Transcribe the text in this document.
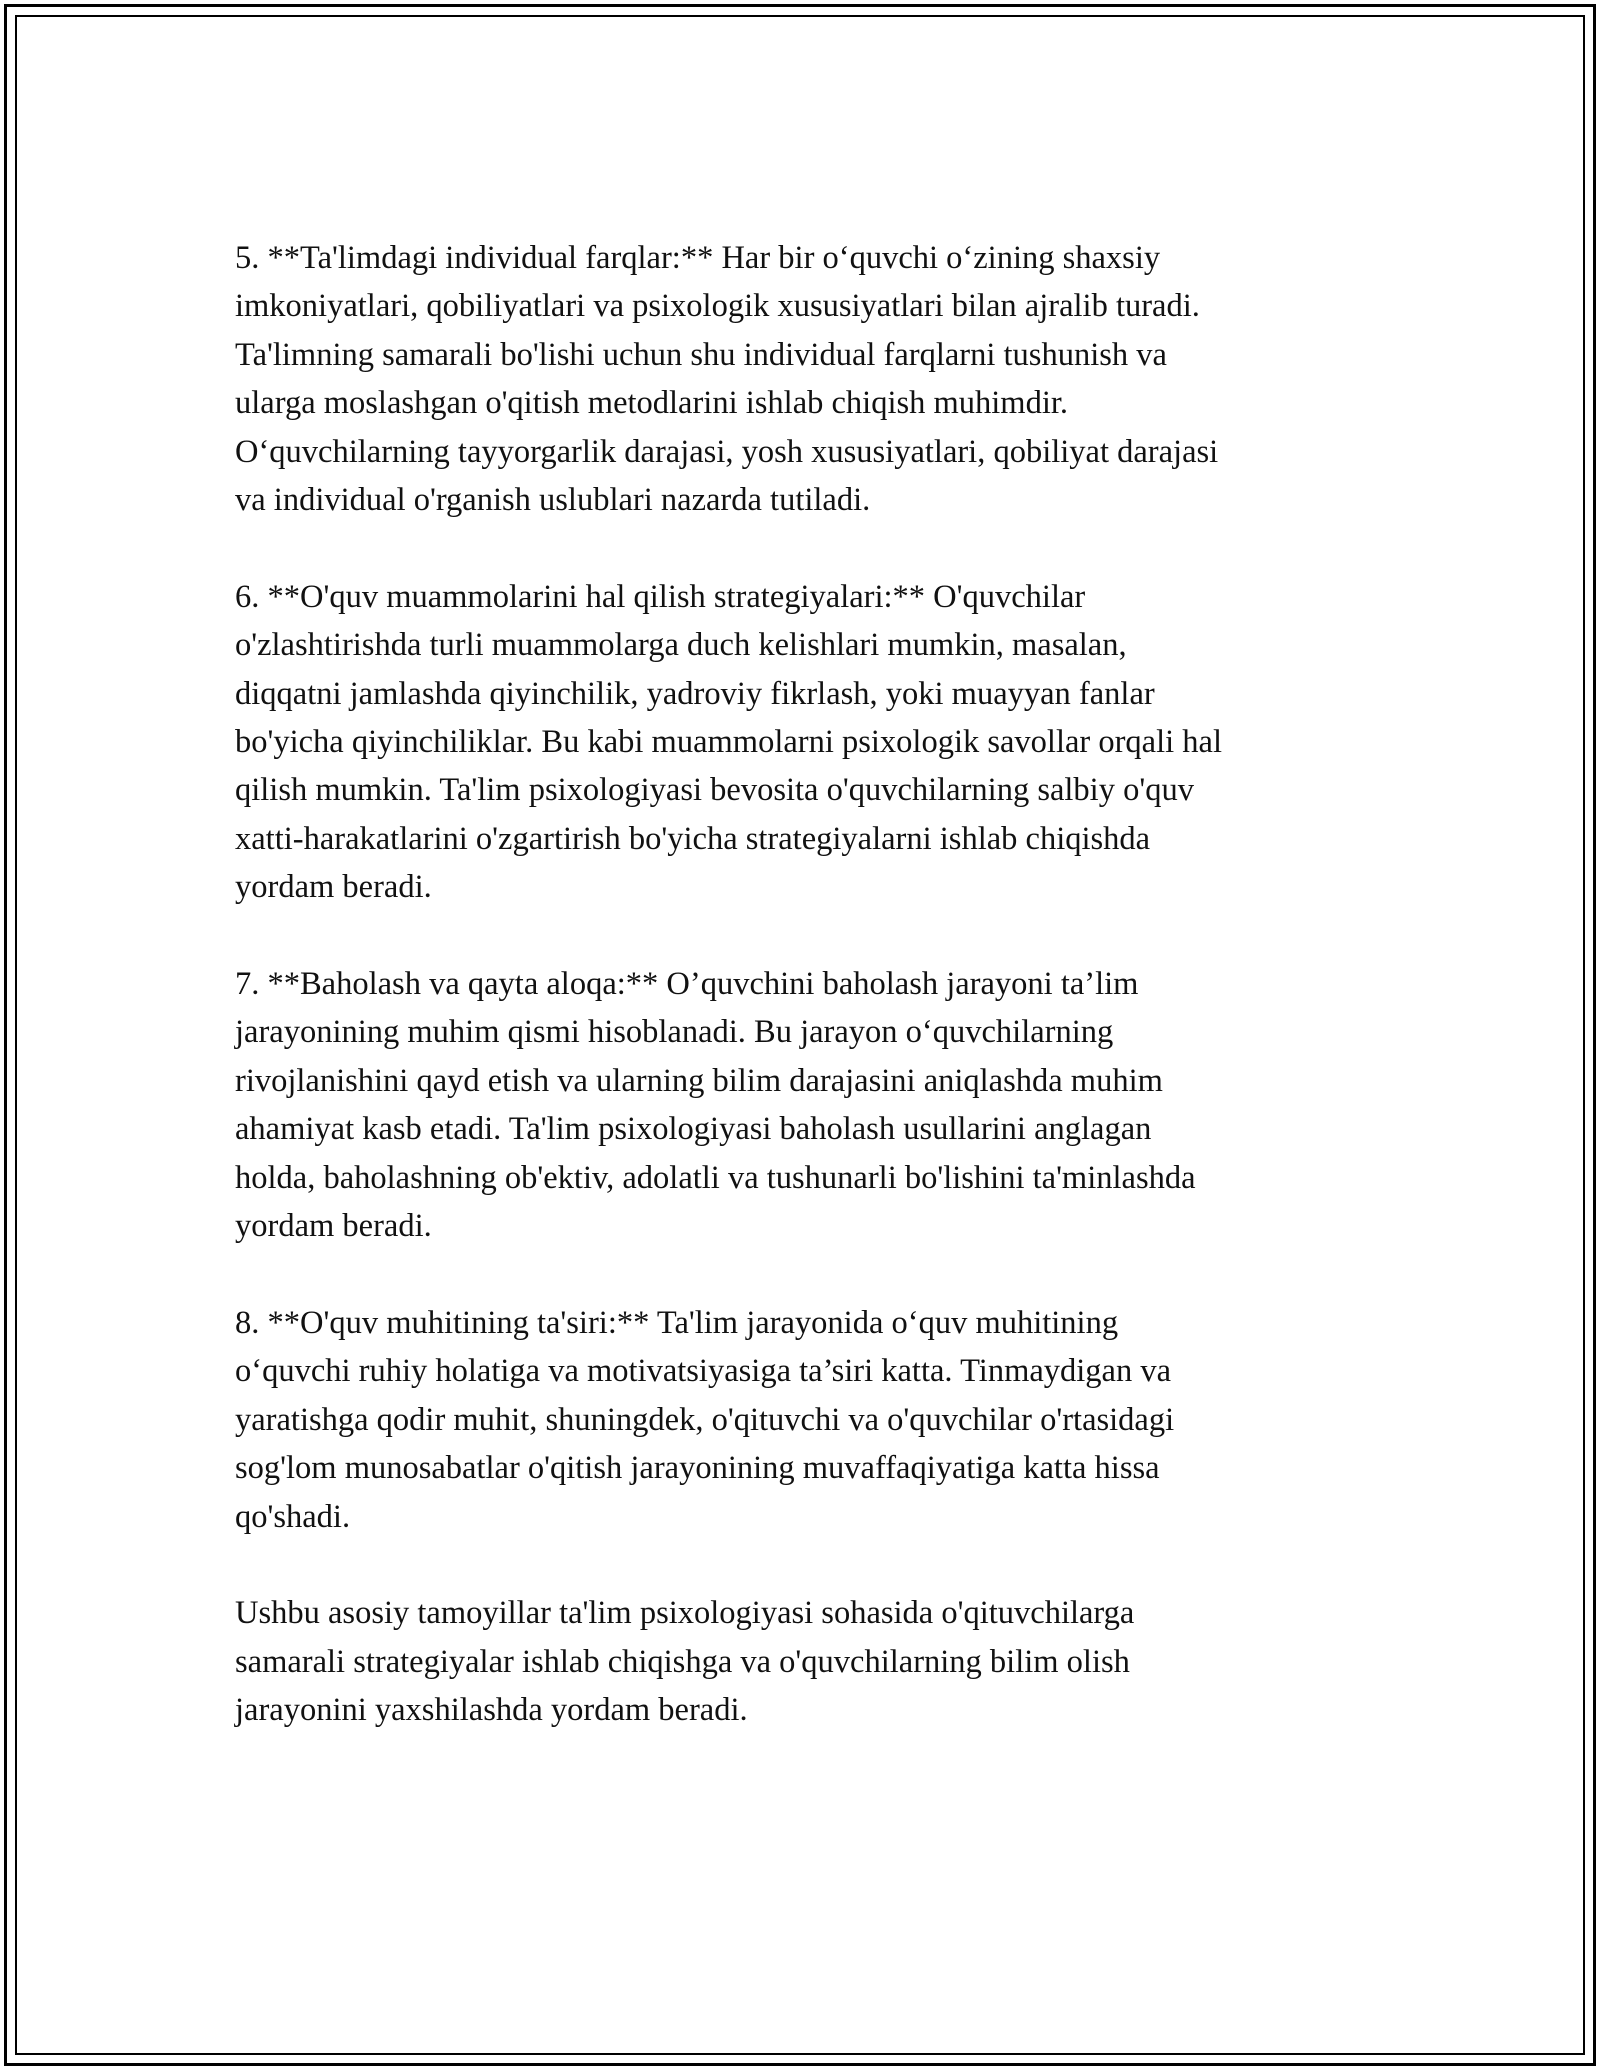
5. **Ta'limdagi individual farqlar:** Har bir o‘quvchi o‘zining shaxsiy
imkoniyatlari, qobiliyatlari va psixologik xususiyatlari bilan ajralib turadi.
Ta'limning samarali bo'lishi uchun shu individual farqlarni tushunish va
ularga moslashgan o'qitish metodlarini ishlab chiqish muhimdir.
O‘quvchilarning tayyorgarlik darajasi, yosh xususiyatlari, qobiliyat darajasi
va individual o'rganish uslublari nazarda tutiladi.

6. **O'quv muammolarini hal qilish strategiyalari:** O'quvchilar
o'zlashtirishda turli muammolarga duch kelishlari mumkin, masalan,
diqqatni jamlashda qiyinchilik, yadroviy fikrlash, yoki muayyan fanlar
bo'yicha qiyinchiliklar. Bu kabi muammolarni psixologik savollar orqali hal
qilish mumkin. Ta'lim psixologiyasi bevosita o'quvchilarning salbiy o'quv
xatti-harakatlarini o'zgartirish bo'yicha strategiyalarni ishlab chiqishda
yordam beradi.

7. **Baholash va qayta aloqa:** O’quvchini baholash jarayoni ta’lim
jarayonining muhim qismi hisoblanadi. Bu jarayon o‘quvchilarning
rivojlanishini qayd etish va ularning bilim darajasini aniqlashda muhim
ahamiyat kasb etadi. Ta'lim psixologiyasi baholash usullarini anglagan
holda, baholashning ob'ektiv, adolatli va tushunarli bo'lishini ta'minlashda
yordam beradi.

8. **O'quv muhitining ta'siri:** Ta'lim jarayonida o‘quv muhitining
o‘quvchi ruhiy holatiga va motivatsiyasiga ta’siri katta. Tinmaydigan va
yaratishga qodir muhit, shuningdek, o'qituvchi va o'quvchilar o'rtasidagi
sog'lom munosabatlar o'qitish jarayonining muvaffaqiyatiga katta hissa
qo'shadi.

Ushbu asosiy tamoyillar ta'lim psixologiyasi sohasida o'qituvchilarga
samarali strategiyalar ishlab chiqishga va o'quvchilarning bilim olish
jarayonini yaxshilashda yordam beradi.
